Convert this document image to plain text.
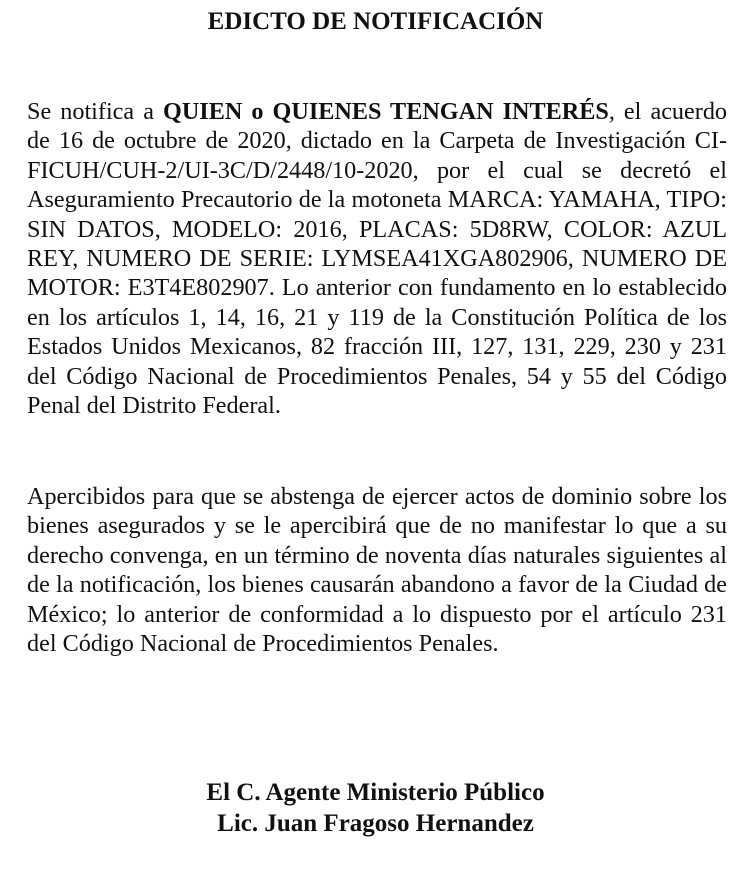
EDICTO DE NOTIFICACIÓN

Se notifica a QUIEN o QUIENES TENGAN INTERÉS, el acuerdo de 16 de octubre de 2020, dictado en la Carpeta de Investigación CI-FICUH/CUH-2/UI-3C/D/2448/10-2020, por el cual se decretó el Aseguramiento Precautorio de la motoneta MARCA: YAMAHA, TIPO: SIN DATOS, MODELO: 2016, PLACAS: 5D8RW, COLOR: AZUL REY, NUMERO DE SERIE: LYMSEA41XGA802906, NUMERO DE MOTOR: E3T4E802907. Lo anterior con fundamento en lo establecido en los artículos 1, 14, 16, 21 y 119 de la Constitución Política de los Estados Unidos Mexicanos, 82 fracción III, 127, 131, 229, 230 y 231 del Código Nacional de Procedimientos Penales, 54 y 55 del Código Penal del Distrito Federal.

Apercibidos para que se abstenga de ejercer actos de dominio sobre los bienes asegurados y se le apercibirá que de no manifestar lo que a su derecho convenga, en un término de noventa días naturales siguientes al de la notificación, los bienes causarán abandono a favor de la Ciudad de México; lo anterior de conformidad a lo dispuesto por el artículo 231 del Código Nacional de Procedimientos Penales.

El C. Agente Ministerio Público
Lic. Juan Fragoso Hernandez
